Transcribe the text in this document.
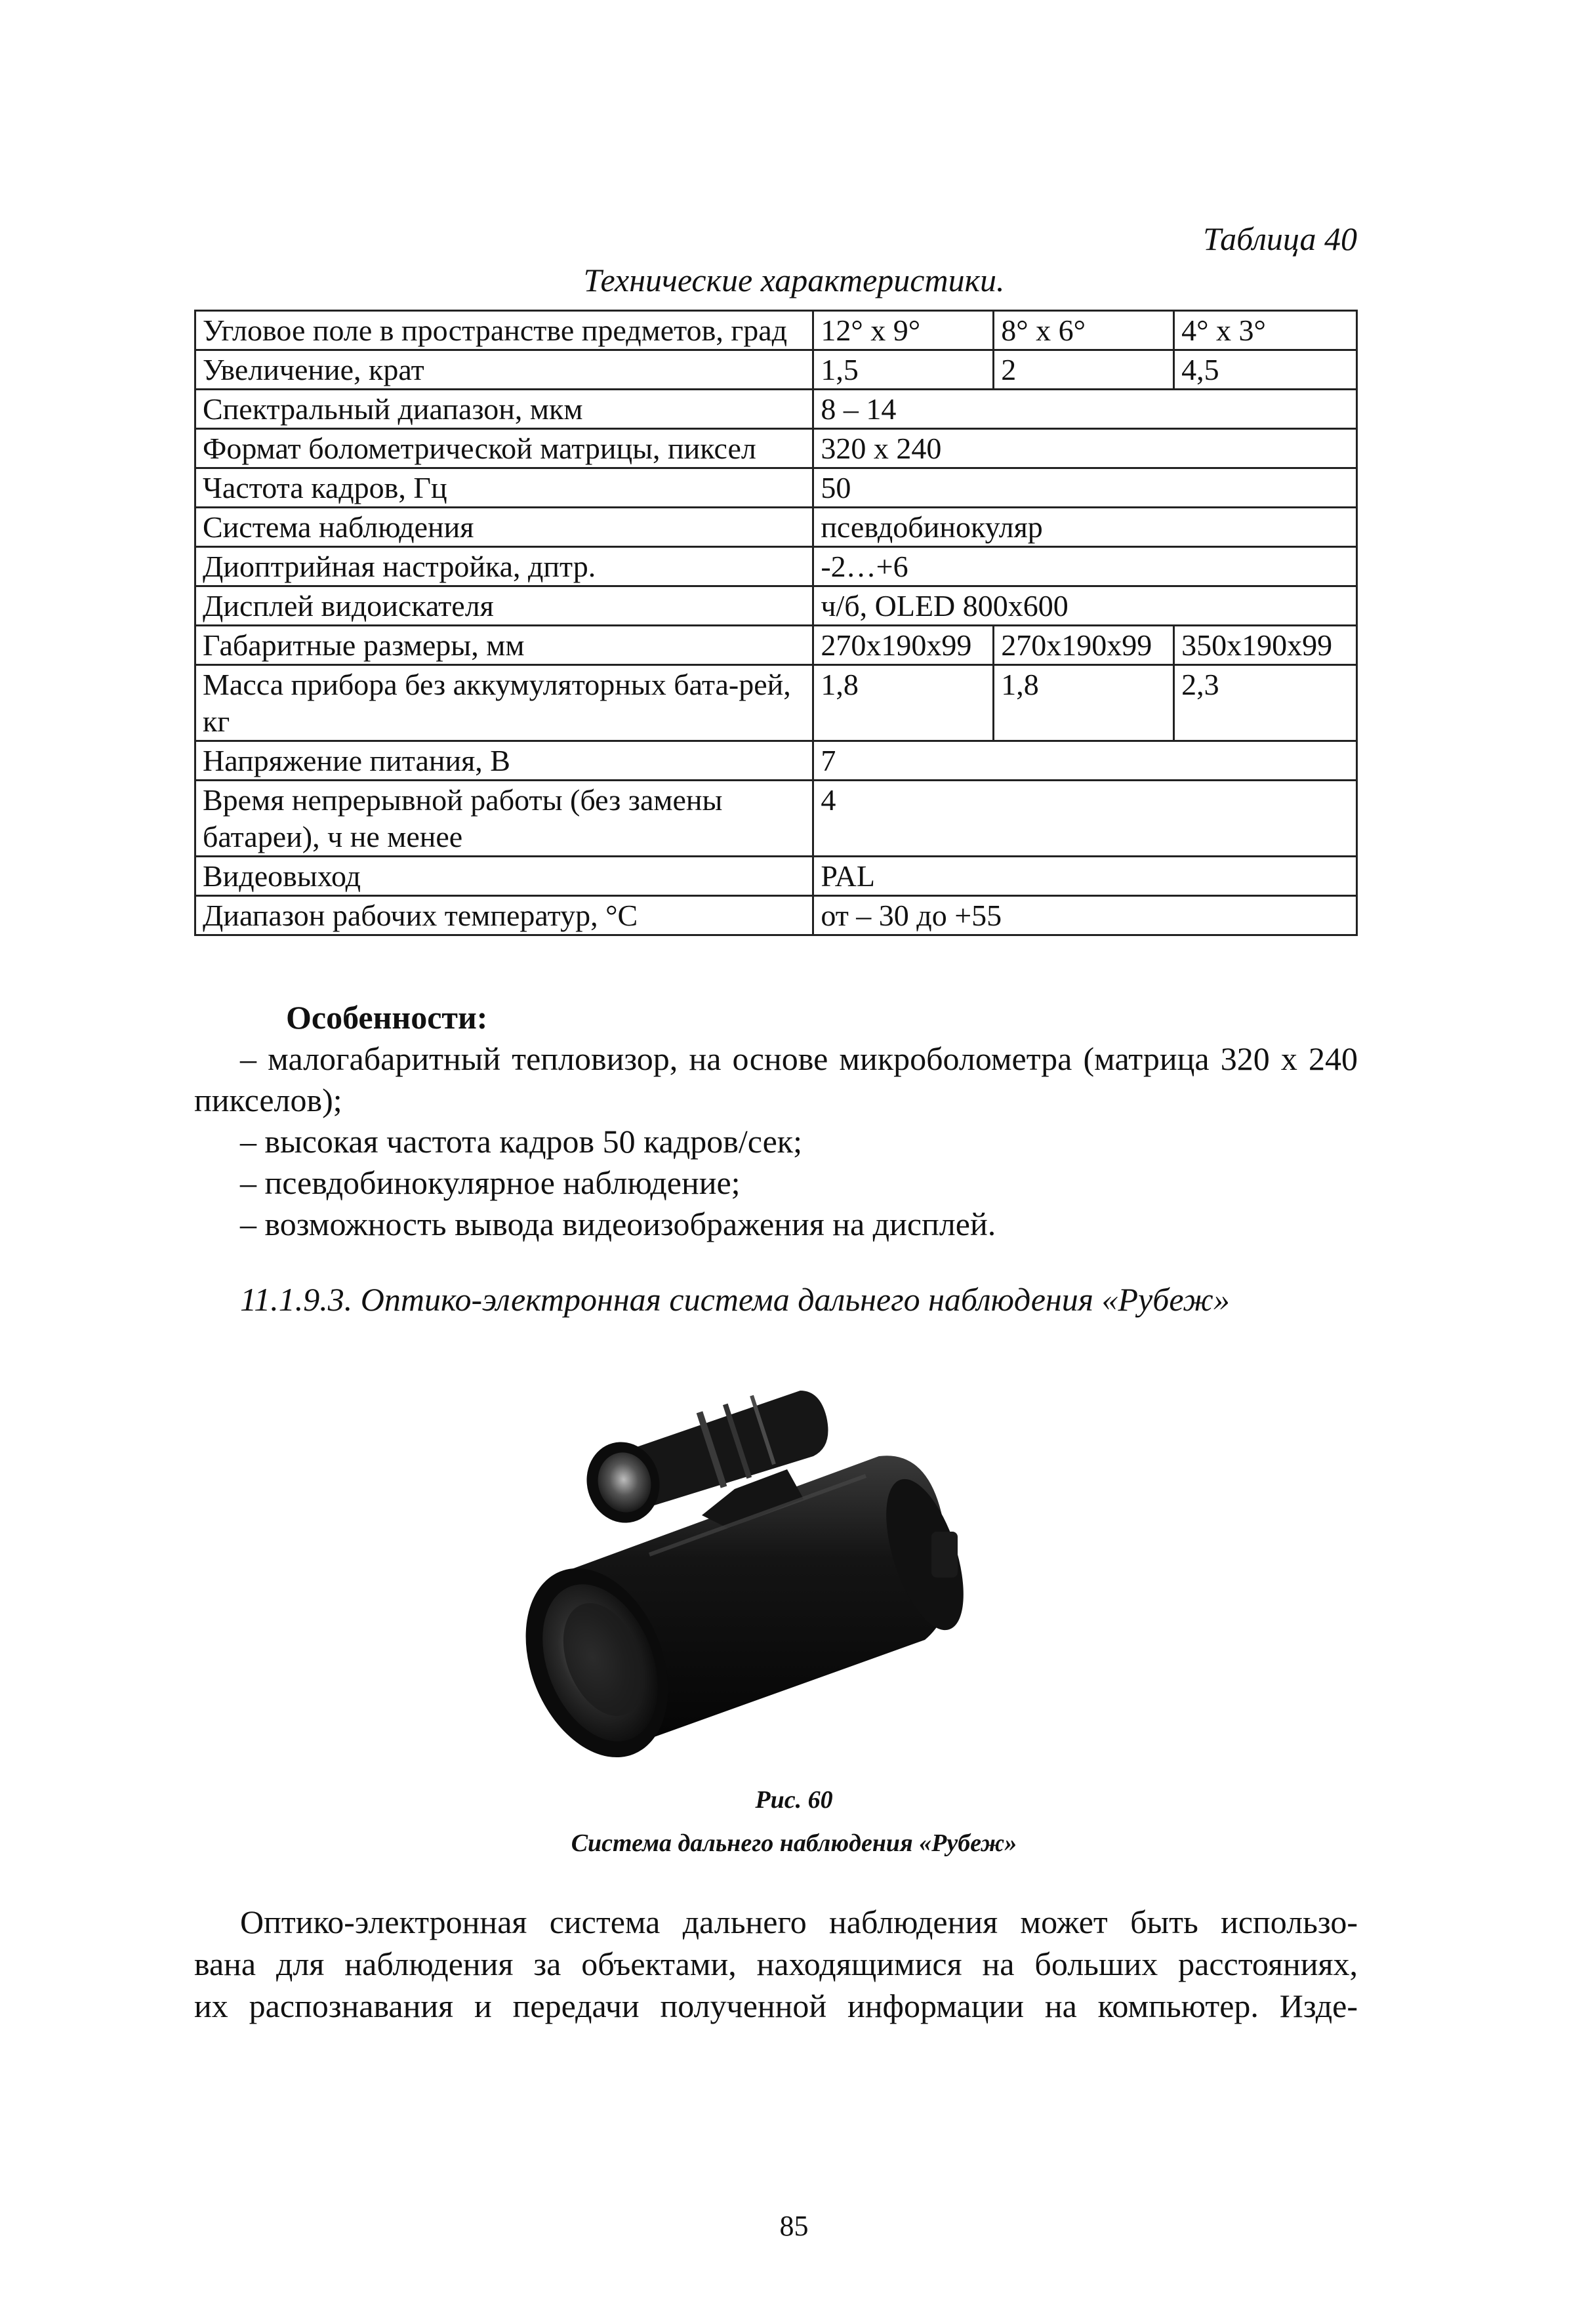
Таблица 40
Технические характеристики.
Угловое поле в пространстве предметов, град	12° x 9°	8° x 6°	4° x 3°
Увеличение, крат	1,5	2	4,5
Спектральный диапазон, мкм	8 – 14		
Формат болометрической матрицы, пиксел	320 x 240		
Частота кадров, Гц	50		
Система наблюдения	псевдобинокуляр		
Диоптрийная настройка, дптр.	-2…+6		
Дисплей видоискателя	ч/б, OLED 800x600		
Габаритные размеры, мм	270x190x99	270x190x99	350x190x99
Масса прибора без аккумуляторных бата-рей, кг	1,8	1,8	2,3
Напряжение питания, В	7		
Время непрерывной работы (без замены батареи), ч не менее	4		
Видеовыход	PAL		
Диапазон рабочих температур, °С	от – 30 до +55		

Особенности:

– малогабаритный тепловизор, на основе микроболометра (матрица 320 х 240 пикселов);

– высокая частота кадров 50 кадров/сек;

– псевдобинокулярное наблюдение;

– возможность вывода видеоизображения на дисплей.

11.1.9.3. Оптико-электронная система дальнего наблюдения «Рубеж»
Рис. 60
Система дальнего наблюдения «Рубеж»
Оптико-электронная система дальнего наблюдения может быть использо-
вана для наблюдения за объектами, находящимися на больших расстояниях,
их распознавания и передачи полученной информации на компьютер. Изде-
85
